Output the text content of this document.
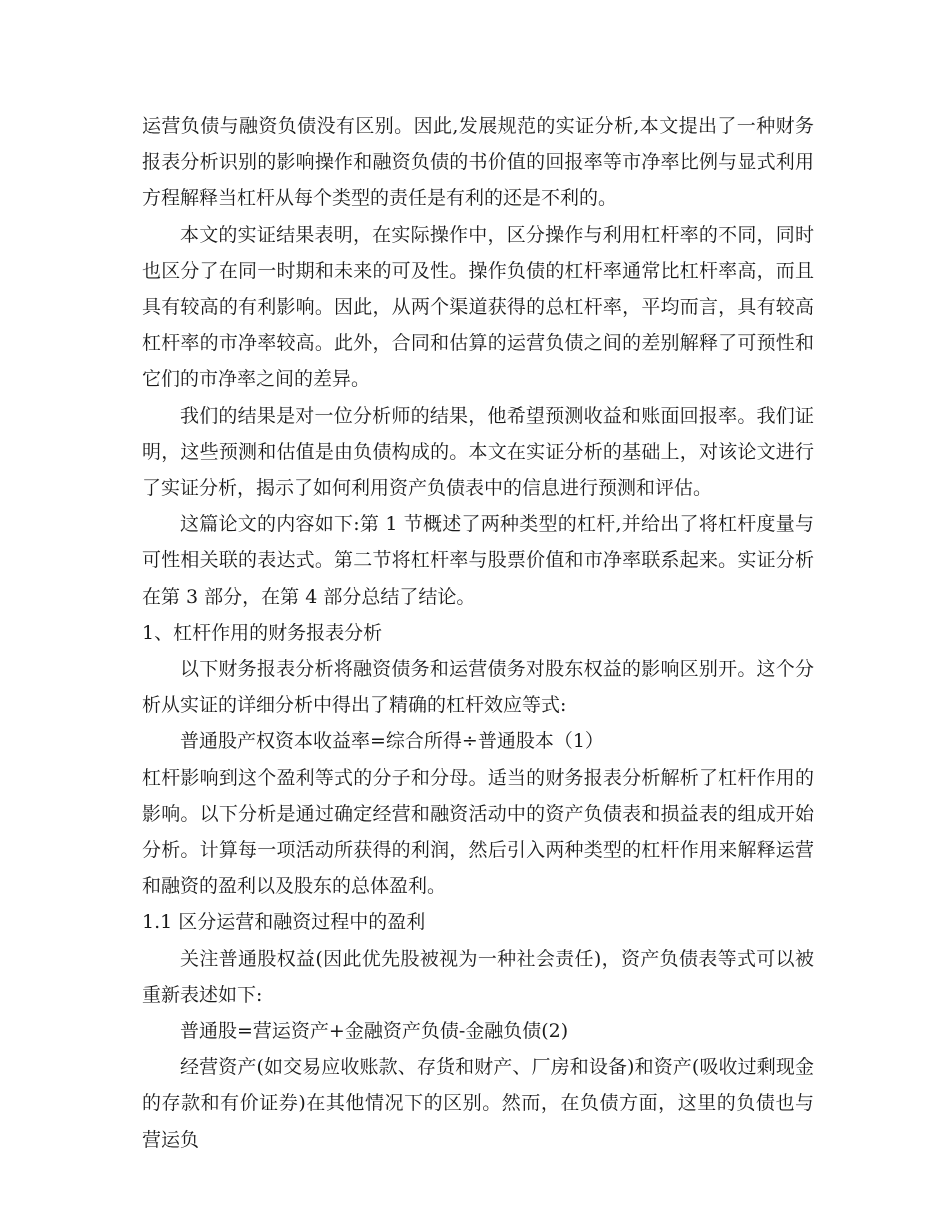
运营负债与融资负债没有区别。因此,发展规范的实证分析,本文提出了一种财务报表分析识别的影响操作和融资负债的书价值的回报率等市净率比例与显式利用方程解释当杠杆从每个类型的责任是有利的还是不利的。

本文的实证结果表明，在实际操作中，区分操作与利用杠杆率的不同，同时也区分了在同一时期和未来的可及性。操作负债的杠杆率通常比杠杆率高，而且具有较高的有利影响。因此，从两个渠道获得的总杠杆率，平均而言，具有较高杠杆率的市净率较高。此外，合同和估算的运营负债之间的差别解释了可预性和它们的市净率之间的差异。

我们的结果是对一位分析师的结果，他希望预测收益和账面回报率。我们证明，这些预测和估值是由负债构成的。本文在实证分析的基础上，对该论文进行了实证分析，揭示了如何利用资产负债表中的信息进行预测和评估。

这篇论文的内容如下:第 1 节概述了两种类型的杠杆,并给出了将杠杆度量与可性相关联的表达式。第二节将杠杆率与股票价值和市净率联系起来。实证分析在第 3 部分，在第 4 部分总结了结论。

1、杠杆作用的财务报表分析

以下财务报表分析将融资债务和运营债务对股东权益的影响区别开。这个分析从实证的详细分析中得出了精确的杠杆效应等式:

普通股产权资本收益率=综合所得÷普通股本（1）

杠杆影响到这个盈利等式的分子和分母。适当的财务报表分析解析了杠杆作用的影响。以下分析是通过确定经营和融资活动中的资产负债表和损益表的组成开始分析。计算每一项活动所获得的利润，然后引入两种类型的杠杆作用来解释运营和融资的盈利以及股东的总体盈利。

1.1 区分运营和融资过程中的盈利

关注普通股权益(因此优先股被视为一种社会责任)，资产负债表等式可以被重新表述如下:

普通股=营运资产+金融资产负债-金融负债(2)

经营资产(如交易应收账款、存货和财产、厂房和设备)和资产(吸收过剩现金的存款和有价证券)在其他情况下的区别。然而，在负债方面，这里的负债也与营运负
